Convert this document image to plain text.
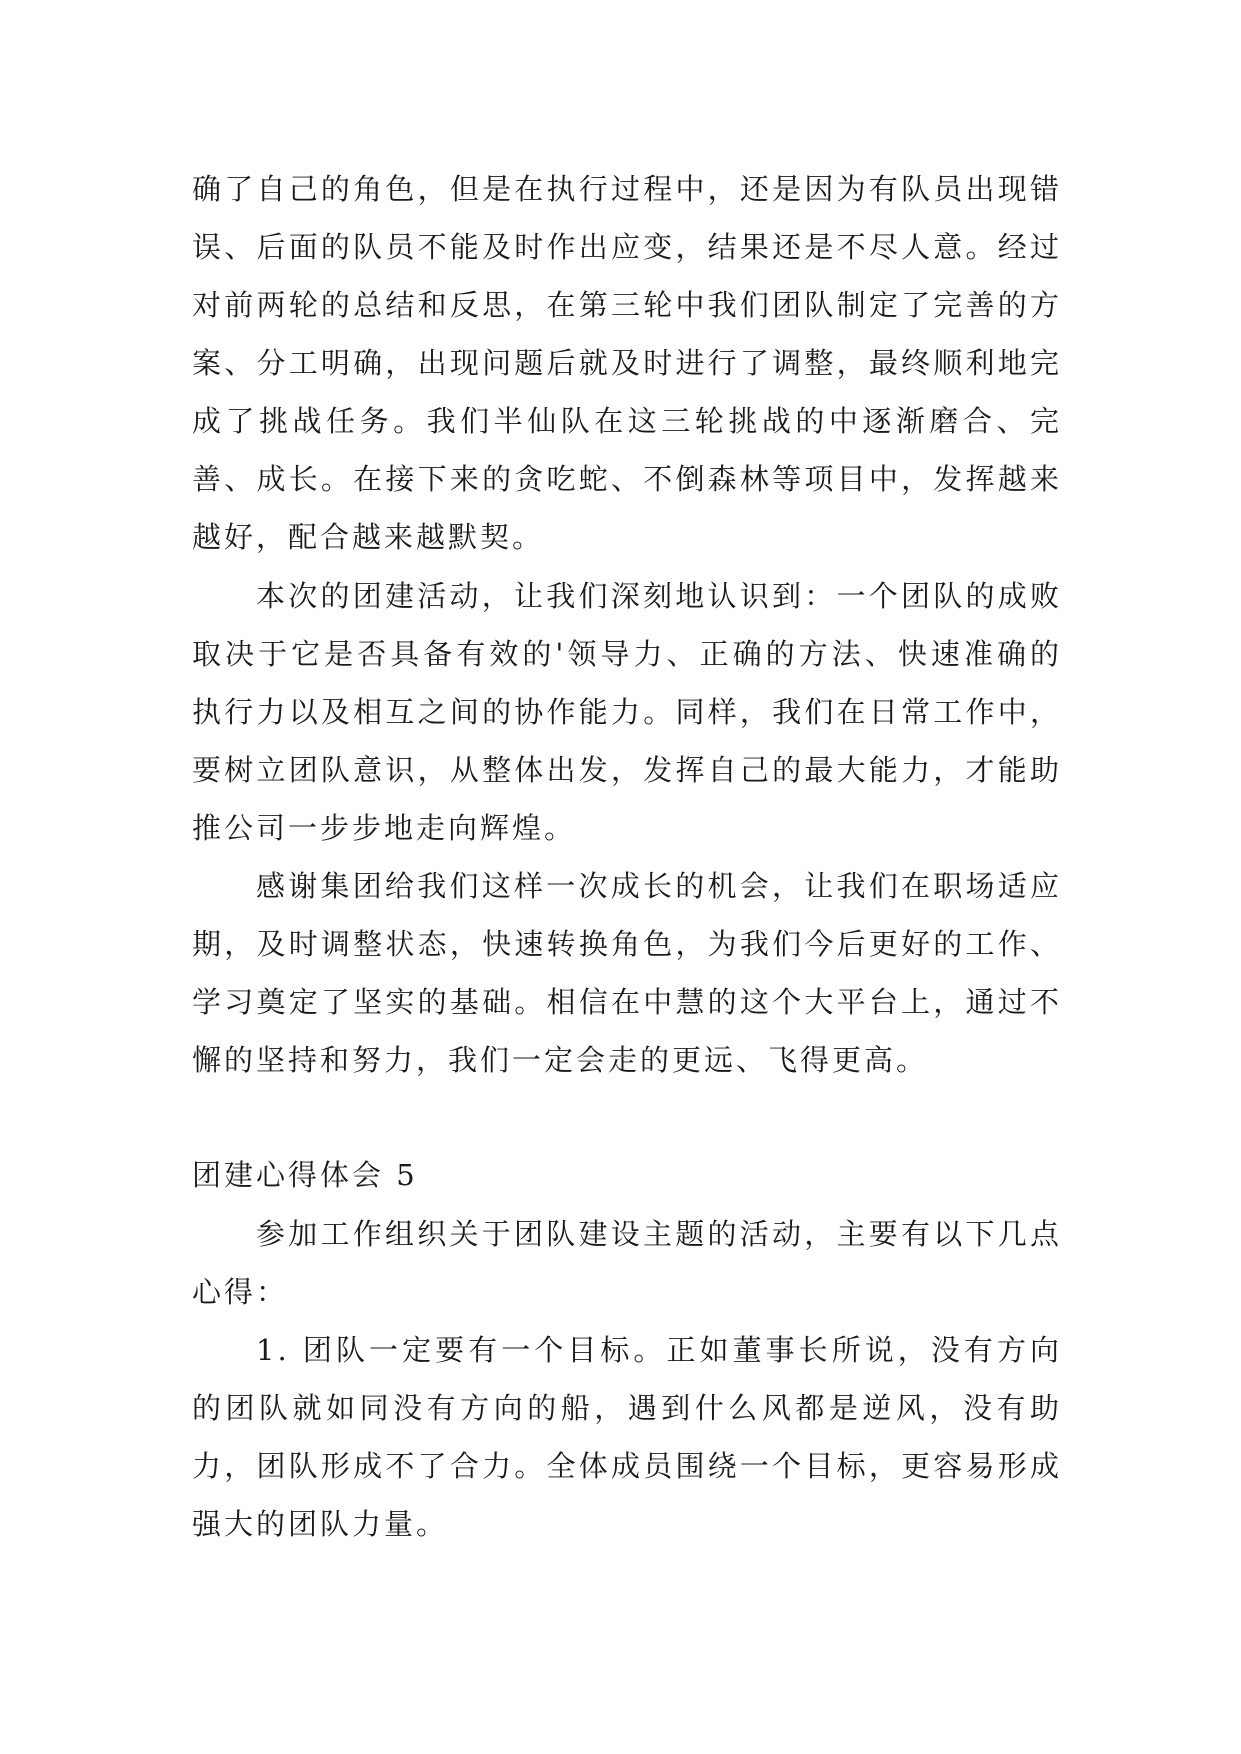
确了自己的角色，但是在执行过程中，还是因为有队员出现错误、后面的队员不能及时作出应变，结果还是不尽人意。经过对前两轮的总结和反思，在第三轮中我们团队制定了完善的方案、分工明确，出现问题后就及时进行了调整，最终顺利地完成了挑战任务。我们半仙队在这三轮挑战的中逐渐磨合、完善、成长。在接下来的贪吃蛇、不倒森林等项目中，发挥越来越好，配合越来越默契。

本次的团建活动，让我们深刻地认识到：一个团队的成败取决于它是否具备有效的'领导力、正确的方法、快速准确的执行力以及相互之间的协作能力。同样，我们在日常工作中，要树立团队意识，从整体出发，发挥自己的最大能力，才能助推公司一步步地走向辉煌。

感谢集团给我们这样一次成长的机会，让我们在职场适应期，及时调整状态，快速转换角色，为我们今后更好的工作、学习奠定了坚实的基础。相信在中慧的这个大平台上，通过不懈的坚持和努力，我们一定会走的更远、飞得更高。

团建心得体会 5

参加工作组织关于团队建设主题的活动，主要有以下几点心得：

1. 团队一定要有一个目标。正如董事长所说，没有方向的团队就如同没有方向的船，遇到什么风都是逆风，没有助力，团队形成不了合力。全体成员围绕一个目标，更容易形成强大的团队力量。
